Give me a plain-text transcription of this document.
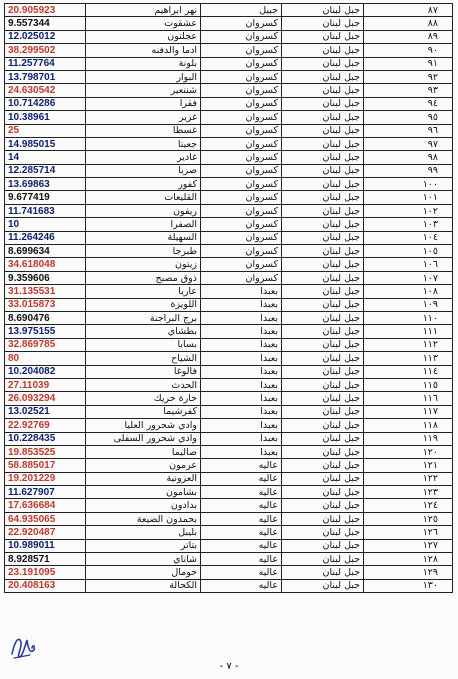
20.905923	نهر ابراهيم	جبيل	جبل لبنان	٨٧
9.557344	عشقوت	كسروان	جبل لبنان	٨٨
12.025012	عجلتون	كسروان	جبل لبنان	٨٩
38.299502	ادما والدفنه	كسروان	جبل لبنان	٩٠
11.257764	بلونة	كسروان	جبل لبنان	٩١
13.798701	البوار	كسروان	جبل لبنان	٩٢
24.630542	شننعير	كسروان	جبل لبنان	٩٣
10.714286	فقرا	كسروان	جبل لبنان	٩٤
10.38961	غزير	كسروان	جبل لبنان	٩٥
25	غسطا	كسروان	جبل لبنان	٩٦
14.985015	جعيتا	كسروان	جبل لبنان	٩٧
14	غادير	كسروان	جبل لبنان	٩٨
12.285714	صربا	كسروان	جبل لبنان	٩٩
13.69863	كفور	كسروان	جبل لبنان	١٠٠
9.677419	القليعات	كسروان	جبل لبنان	١٠١
11.741683	ريفون	كسروان	جبل لبنان	١٠٢
10	الصفرا	كسروان	جبل لبنان	١٠٣
11.264246	السهيلة	كسروان	جبل لبنان	١٠٤
8.699634	طبرجا	كسروان	جبل لبنان	١٠٥
34.618048	زيتون	كسروان	جبل لبنان	١٠٦
9.359606	ذوق مصبح	كسروان	جبل لبنان	١٠٧
31.135531	عاريا	بعبدا	جبل لبنان	١٠٨
33.015873	اللويزة	بعبدا	جبل لبنان	١٠٩
8.690476	برج البراجنة	بعبدا	جبل لبنان	١١٠
13.975155	بطشاي	بعبدا	جبل لبنان	١١١
32.869785	بسابا	بعبدا	جبل لبنان	١١٢
80	الشياح	بعبدا	جبل لبنان	١١٣
10.204082	فالوغا	بعبدا	جبل لبنان	١١٤
27.11039	الحدث	بعبدا	جبل لبنان	١١٥
26.093294	حارة حريك	بعبدا	جبل لبنان	١١٦
13.02521	كفرشيما	بعبدا	جبل لبنان	١١٧
22.92769	وادي شحرور العليا	بعبدا	جبل لبنان	١١٨
10.228435	وادي شحرور السفلى	بعبدا	جبل لبنان	١١٩
19.853525	صاليما	بعبدا	جبل لبنان	١٢٠
58.885017	عرمون	عاليه	جبل لبنان	١٢١
19.201229	العزونية	عاليه	جبل لبنان	١٢٢
11.627907	بشامون	عاليه	جبل لبنان	١٢٣
17.636684	بدادون	عاليه	جبل لبنان	١٢٤
64.935065	بحمدون الضيعة	عاليه	جبل لبنان	١٢٥
22.920487	بليبل	عاليه	جبل لبنان	١٢٦
10.989011	بتاتر	عاليه	جبل لبنان	١٢٧
8.928571	شاناي	عاليه	جبل لبنان	١٢٨
23.191095	حومال	عاليه	جبل لبنان	١٢٩
20.408163	الكحالة	عاليه	جبل لبنان	١٣٠
- ٧ -
